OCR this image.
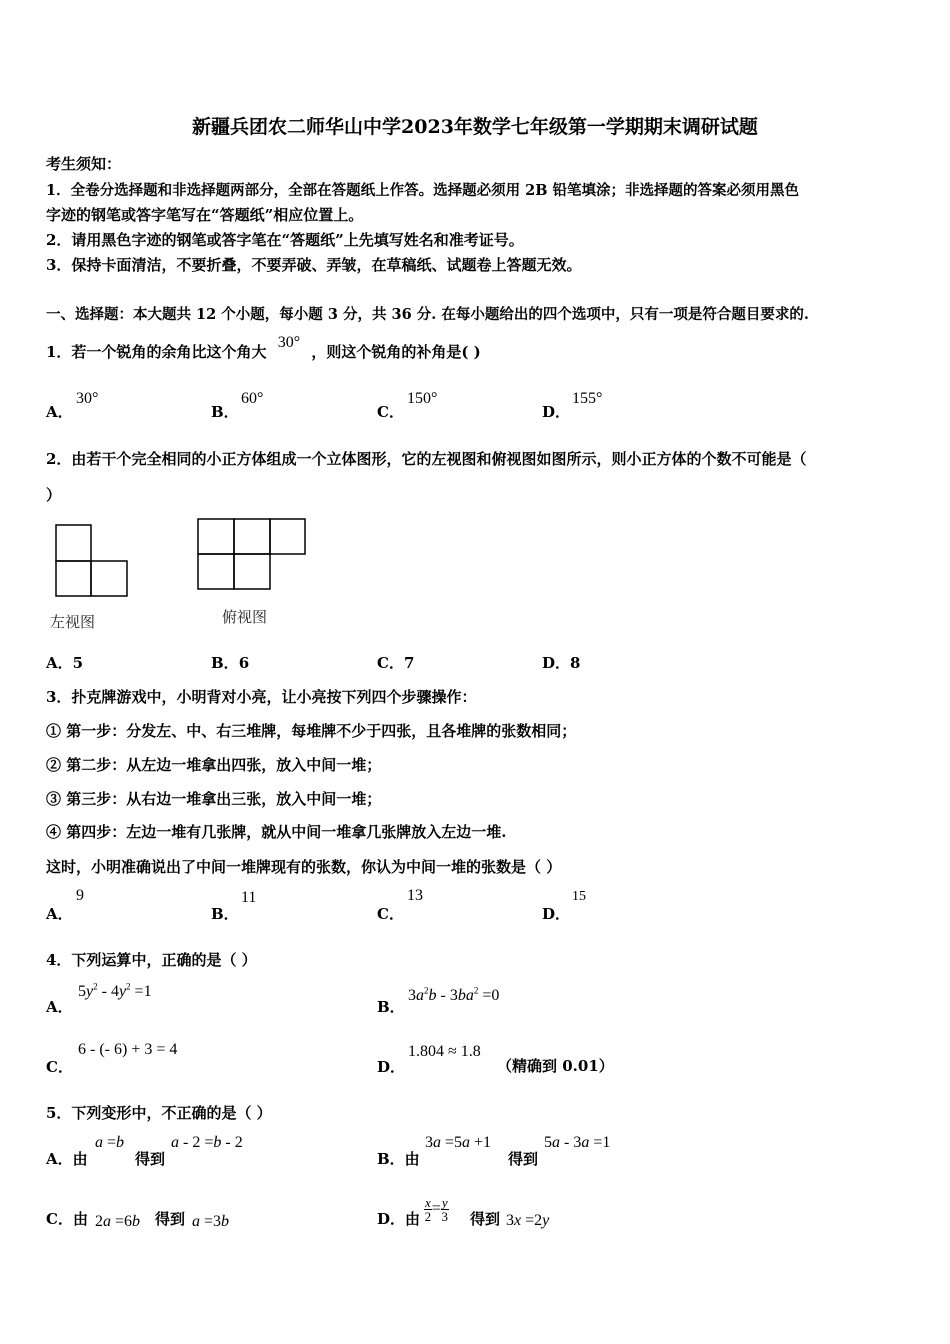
新疆兵团农二师华山中学2023年数学七年级第一学期期末调研试题
考生须知：
1．全卷分选择题和非选择题两部分，全部在答题纸上作答。选择题必须用 2B 铅笔填涂；非选择题的答案必须用黑色
字迹的钢笔或答字笔写在“答题纸”相应位置上。
2．请用黑色字迹的钢笔或答字笔在“答题纸”上先填写姓名和准考证号。
3．保持卡面清洁，不要折叠，不要弄破、弄皱，在草稿纸、试题卷上答题无效。
一、选择题：本大题共 12 个小题，每小题 3 分，共 36 分. 在每小题给出的四个选项中，只有一项是符合题目要求的.
1．若一个锐角的余角比这个角大 30° ，则这个锐角的补角是( )
A．
30°
B．
60°
C．
150°
D．
155°
2．由若干个完全相同的小正方体组成一个立体图形，它的左视图和俯视图如图所示，则小正方体的个数不可能是（
）
左视图	俯视图
A．5	B．6	C．7	D．8
3．扑克牌游戏中，小明背对小亮，让小亮按下列四个步骤操作：
① 第一步：分发左、中、右三堆牌，每堆牌不少于四张，且各堆牌的张数相同；
② 第二步：从左边一堆拿出四张，放入中间一堆；
③ 第三步：从右边一堆拿出三张，放入中间一堆；
④ 第四步：左边一堆有几张牌，就从中间一堆拿几张牌放入左边一堆.
这时，小明准确说出了中间一堆牌现有的张数，你认为中间一堆的张数是（ ）
A．
9
B．
11
C．
13
D．
15
4．下列运算中，正确的是（ ）
A．
$5y^2 - 4y^2 =1$
B．
$3a^2b - 3ba^2 =0$
C．
6 - (- 6) + 3 = 4
D．
1.804 ≈ 1.8
（精确到 0.01）
5．下列变形中，不正确的是（ ）
A．由
a =b
得到
a - 2 =b - 2
B．由
3a =5a +1
得到
5a - 3a =1
C．由 2a =6b 得到 a =3b	D．由 $\frac{x}{2} = \frac{y}{3}$ 得到 3x =2y
